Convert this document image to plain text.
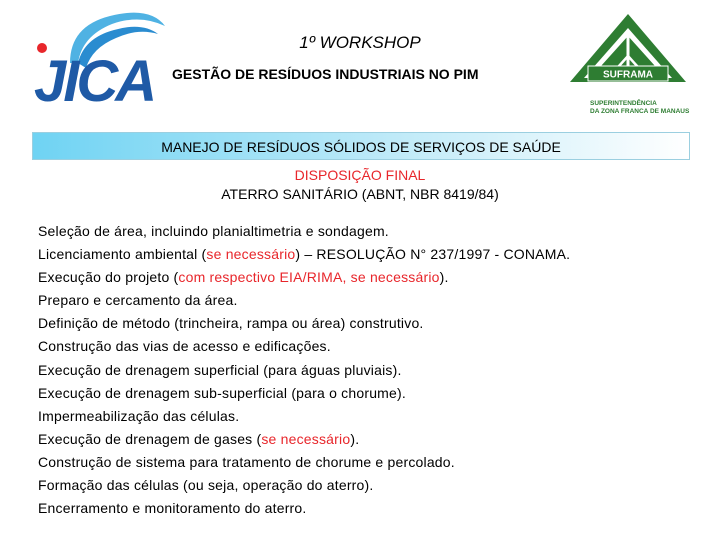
JICA
1º WORKSHOP
GESTÃO DE RESÍDUOS INDUSTRIAIS NO PIM	SUFRAMA
SUPERINTENDÊNCIA
DA ZONA FRANCA DE MANAUS
MANEJO DE RESÍDUOS SÓLIDOS DE SERVIÇOS DE SAÚDE
DISPOSIÇÃO FINAL
ATERRO SANITÁRIO (ABNT, NBR 8419/84)
Seleção de área, incluindo planialtimetria e sondagem.
Licenciamento ambiental (se necessário) – RESOLUÇÃO N° 237/1997 - CONAMA.
Execução do projeto (com respectivo EIA/RIMA, se necessário).
Preparo e cercamento da área.
Definição de método (trincheira, rampa ou área) construtivo.
Construção das vias de acesso e edificações.
Execução de drenagem superficial (para águas pluviais).
Execução de drenagem sub-superficial (para o chorume).
Impermeabilização das células.
Execução de drenagem de gases (se necessário).
Construção de sistema para tratamento de chorume e percolado.
Formação das células (ou seja, operação do aterro).
Encerramento e monitoramento do aterro.
